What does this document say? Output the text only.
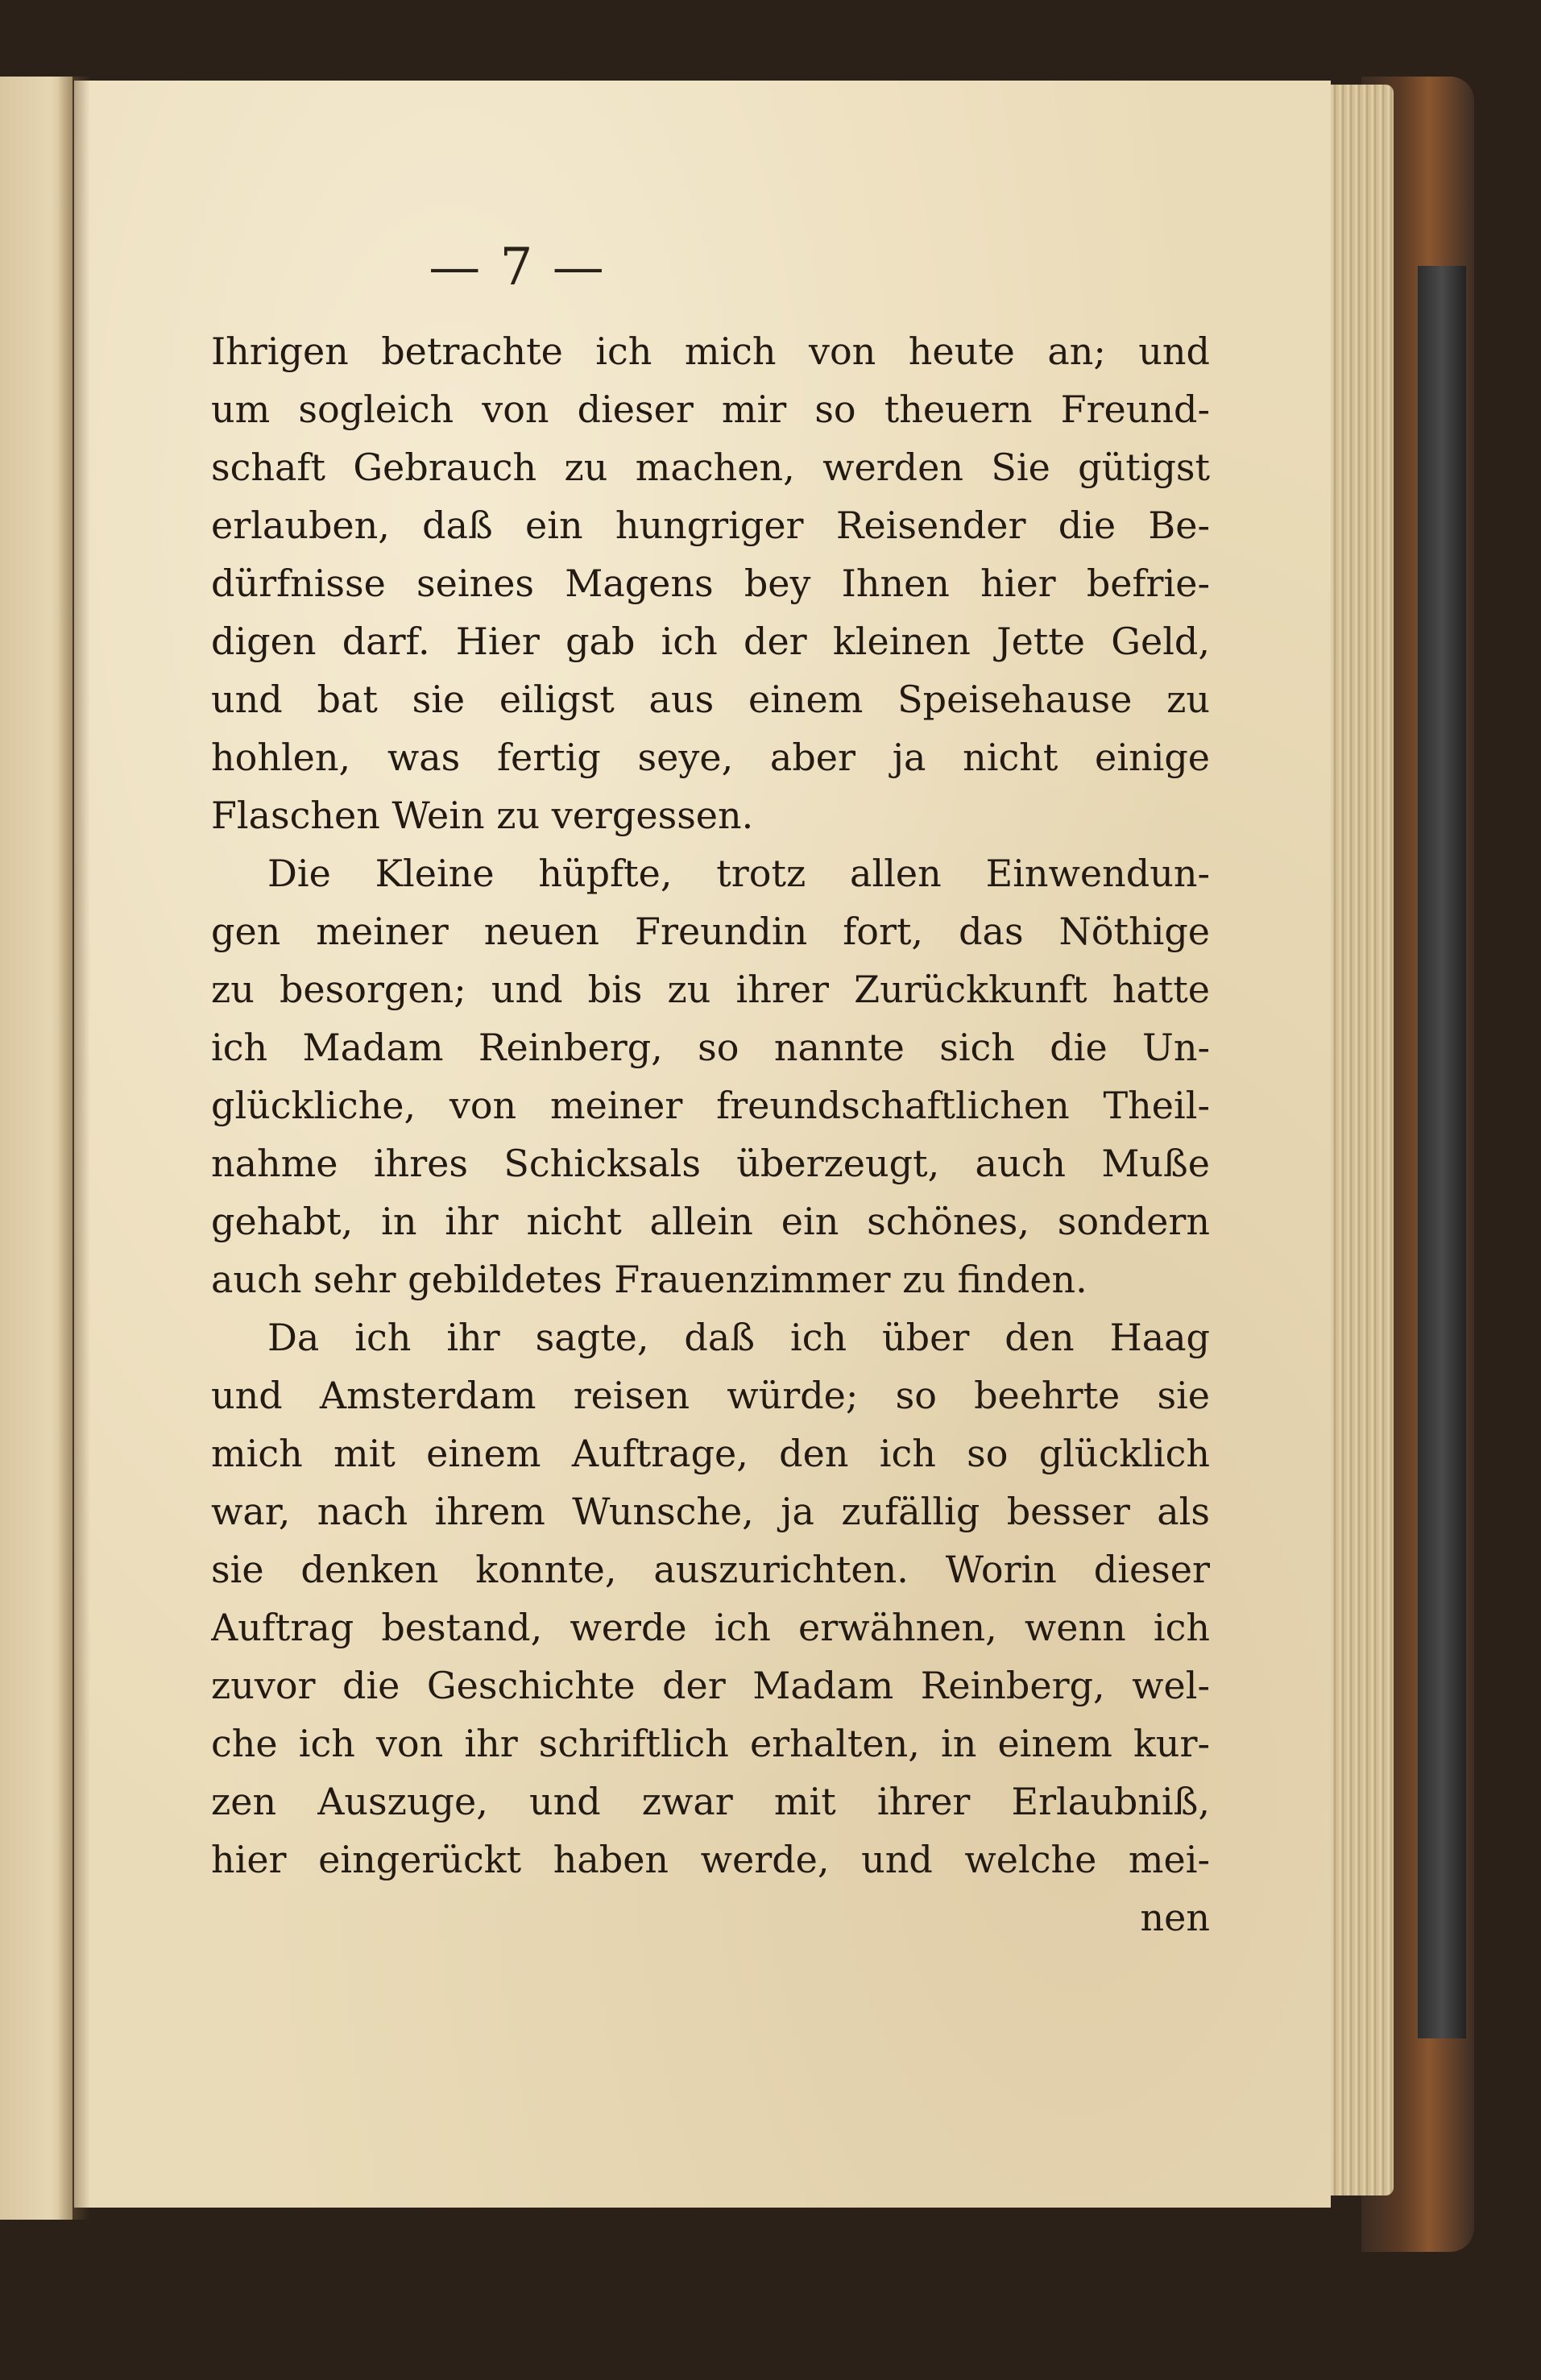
— 7 —
Ihrigen betrachte ich mich von heute an; und
um sogleich von dieser mir so theuern Freund-
schaft Gebrauch zu machen, werden Sie gütigst
erlauben, daß ein hungriger Reisender die Be-
dürfnisse seines Magens bey Ihnen hier befrie-
digen darf. Hier gab ich der kleinen Jette Geld,
und bat sie eiligst aus einem Speisehause zu
hohlen, was fertig seye, aber ja nicht einige
Flaschen Wein zu vergessen.
Die Kleine hüpfte, trotz allen Einwendun-
gen meiner neuen Freundin fort, das Nöthige
zu besorgen; und bis zu ihrer Zurückkunft hatte
ich Madam Reinberg, so nannte sich die Un-
glückliche, von meiner freundschaftlichen Theil-
nahme ihres Schicksals überzeugt, auch Muße
gehabt, in ihr nicht allein ein schönes, sondern
auch sehr gebildetes Frauenzimmer zu finden.
Da ich ihr sagte, daß ich über den Haag
und Amsterdam reisen würde; so beehrte sie
mich mit einem Auftrage, den ich so glücklich
war, nach ihrem Wunsche, ja zufällig besser als
sie denken konnte, auszurichten. Worin dieser
Auftrag bestand, werde ich erwähnen, wenn ich
zuvor die Geschichte der Madam Reinberg, wel-
che ich von ihr schriftlich erhalten, in einem kur-
zen Auszuge, und zwar mit ihrer Erlaubniß,
hier eingerückt haben werde, und welche mei-
nen
